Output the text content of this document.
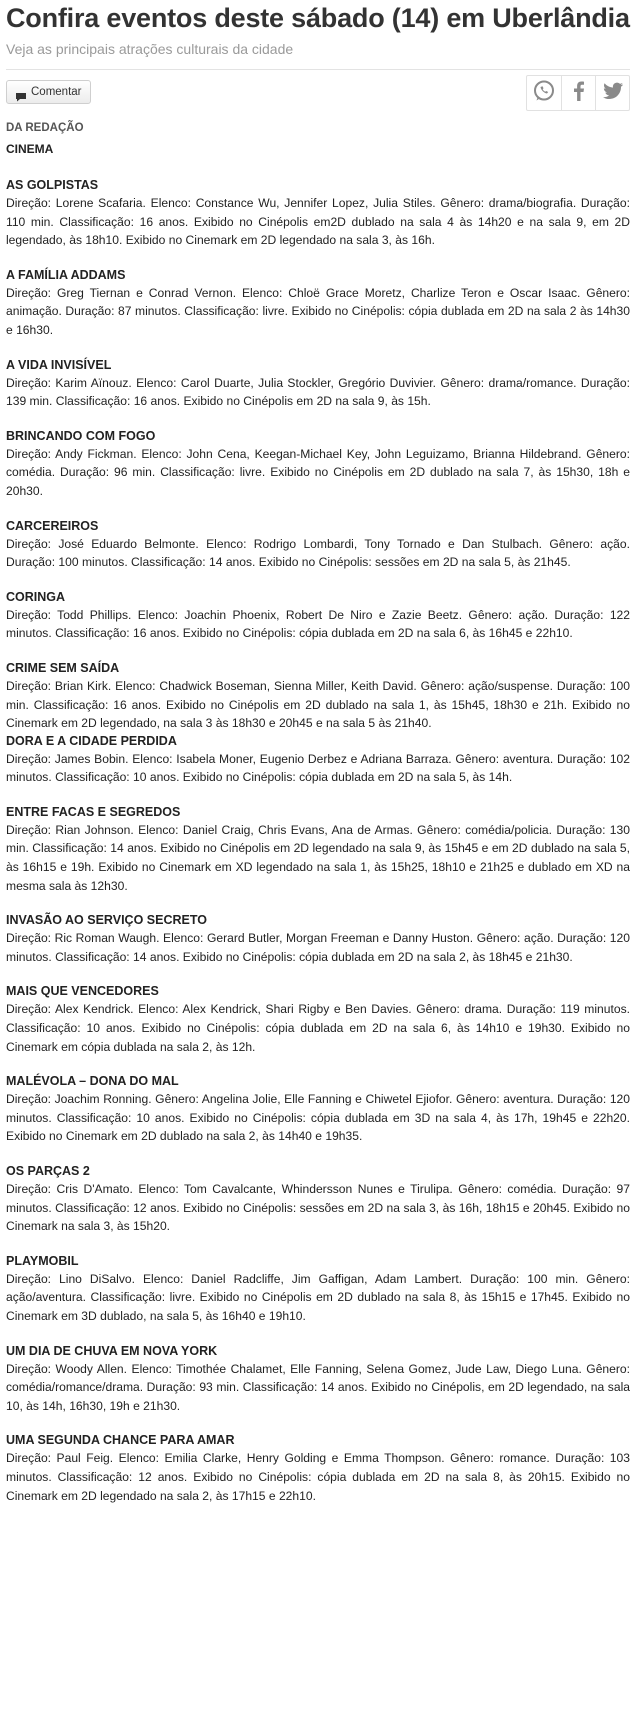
Confira eventos deste sábado (14) em Uberlândia
Veja as principais atrações culturais da cidade
Comentar
DA REDAÇÃO
CINEMA
AS GOLPISTAS

Direção: Lorene Scafaria. Elenco: Constance Wu, Jennifer Lopez, Julia Stiles. Gênero: drama/biografia. Duração: 110 min. Classificação: 16 anos. Exibido no Cinépolis em2D dublado na sala 4 às 14h20 e na sala 9, em 2D legendado, às 18h10. Exibido no Cinemark em 2D legendado na sala 3, às 16h.

A FAMÍLIA ADDAMS

Direção: Greg Tiernan e Conrad Vernon. Elenco: Chloë Grace Moretz, Charlize Teron e Oscar Isaac. Gênero: animação. Duração: 87 minutos. Classificação: livre. Exibido no Cinépolis: cópia dublada em 2D na sala 2 às 14h30 e 16h30.

A VIDA INVISÍVEL

Direção: Karim Aïnouz. Elenco: Carol Duarte, Julia Stockler, Gregório Duvivier. Gênero: drama/romance. Duração: 139 min. Classificação: 16 anos. Exibido no Cinépolis em 2D na sala 9, às 15h.

BRINCANDO COM FOGO

Direção: Andy Fickman. Elenco: John Cena, Keegan-Michael Key, John Leguizamo, Brianna Hildebrand. Gênero: comédia. Duração: 96 min. Classificação: livre. Exibido no Cinépolis em 2D dublado na sala 7, às 15h30, 18h e 20h30.

CARCEREIROS

Direção: José Eduardo Belmonte. Elenco: Rodrigo Lombardi, Tony Tornado e Dan Stulbach. Gênero: ação. Duração: 100 minutos. Classificação: 14 anos. Exibido no Cinépolis: sessões em 2D na sala 5, às 21h45.

CORINGA

Direção: Todd Phillips. Elenco: Joachin Phoenix, Robert De Niro e Zazie Beetz. Gênero: ação. Duração: 122 minutos. Classificação: 16 anos. Exibido no Cinépolis: cópia dublada em 2D na sala 6, às 16h45 e 22h10.

CRIME SEM SAÍDA

Direção: Brian Kirk. Elenco: Chadwick Boseman, Sienna Miller, Keith David. Gênero: ação/suspense. Duração: 100 min. Classificação: 16 anos. Exibido no Cinépolis em 2D dublado na sala 1, às 15h45, 18h30 e 21h. Exibido no Cinemark em 2D legendado, na sala 3 às 18h30 e 20h45 e na sala 5 às 21h40.

DORA E A CIDADE PERDIDA

Direção: James Bobin. Elenco: Isabela Moner, Eugenio Derbez e Adriana Barraza. Gênero: aventura. Duração: 102 minutos. Classificação: 10 anos. Exibido no Cinépolis: cópia dublada em 2D na sala 5, às 14h.

ENTRE FACAS E SEGREDOS

Direção: Rian Johnson. Elenco: Daniel Craig, Chris Evans, Ana de Armas. Gênero: comédia/policia. Duração: 130 min. Classificação: 14 anos. Exibido no Cinépolis em 2D legendado na sala 9, às 15h45 e em 2D dublado na sala 5, às 16h15 e 19h. Exibido no Cinemark em XD legendado na sala 1, às 15h25, 18h10 e 21h25 e dublado em XD na mesma sala às 12h30.

INVASÃO AO SERVIÇO SECRETO

Direção: Ric Roman Waugh. Elenco: Gerard Butler, Morgan Freeman e Danny Huston. Gênero: ação. Duração: 120 minutos. Classificação: 14 anos. Exibido no Cinépolis: cópia dublada em 2D na sala 2, às 18h45 e 21h30.

MAIS QUE VENCEDORES

Direção: Alex Kendrick. Elenco: Alex Kendrick, Shari Rigby e Ben Davies. Gênero: drama. Duração: 119 minutos. Classificação: 10 anos. Exibido no Cinépolis: cópia dublada em 2D na sala 6, às 14h10 e 19h30. Exibido no Cinemark em cópia dublada na sala 2, às 12h.

MALÉVOLA – DONA DO MAL

Direção: Joachim Ronning. Gênero: Angelina Jolie, Elle Fanning e Chiwetel Ejiofor. Gênero: aventura. Duração: 120 minutos. Classificação: 10 anos. Exibido no Cinépolis: cópia dublada em 3D na sala 4, às 17h, 19h45 e 22h20. Exibido no Cinemark em 2D dublado na sala 2, às 14h40 e 19h35.

OS PARÇAS 2

Direção: Cris D'Amato. Elenco: Tom Cavalcante, Whindersson Nunes e Tirulipa. Gênero: comédia. Duração: 97 minutos. Classificação: 12 anos. Exibido no Cinépolis: sessões em 2D na sala 3, às 16h, 18h15 e 20h45. Exibido no Cinemark na sala 3, às 15h20.

PLAYMOBIL

Direção: Lino DiSalvo. Elenco: Daniel Radcliffe, Jim Gaffigan, Adam Lambert. Duração: 100 min. Gênero: ação/aventura. Classificação: livre. Exibido no Cinépolis em 2D dublado na sala 8, às 15h15 e 17h45. Exibido no Cinemark em 3D dublado, na sala 5, às 16h40 e 19h10.

UM DIA DE CHUVA EM NOVA YORK

Direção: Woody Allen. Elenco: Timothée Chalamet, Elle Fanning, Selena Gomez, Jude Law, Diego Luna. Gênero: comédia/romance/drama. Duração: 93 min. Classificação: 14 anos. Exibido no Cinépolis, em 2D legendado, na sala 10, às 14h, 16h30, 19h e 21h30.

UMA SEGUNDA CHANCE PARA AMAR

Direção: Paul Feig. Elenco: Emilia Clarke, Henry Golding e Emma Thompson. Gênero: romance. Duração: 103 minutos. Classificação: 12 anos. Exibido no Cinépolis: cópia dublada em 2D na sala 8, às 20h15. Exibido no Cinemark em 2D legendado na sala 2, às 17h15 e 22h10.
